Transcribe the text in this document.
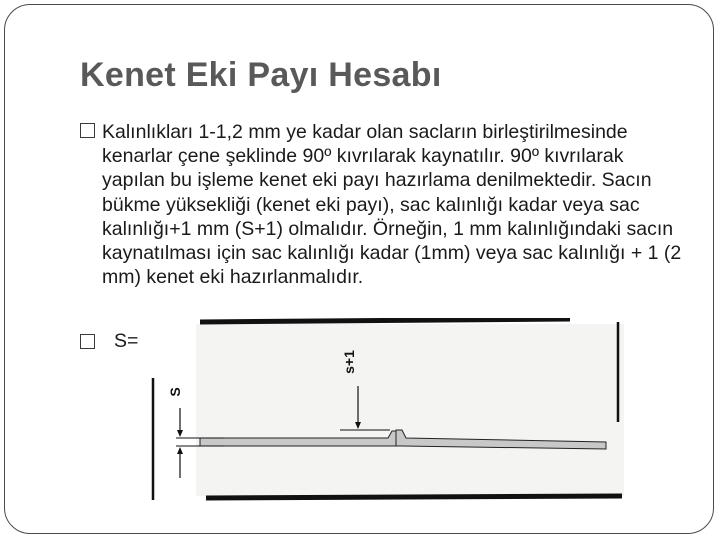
Kenet Eki Payı Hesabı

Kalınlıkları 1-1,2 mm ye kadar olan sacların birleştirilmesinde kenarlar çene şeklinde 90º kıvrılarak kaynatılır. 90º kıvrılarak yapılan bu işleme kenet eki payı hazırlama denilmektedir. Sacın bükme yüksekliği (kenet eki payı), sac kalınlığı kadar veya sac kalınlığı+1 mm (S+1) olmalıdır. Örneğin, 1 mm kalınlığındaki sacın kaynatılması için sac kalınlığı kadar (1mm) veya sac kalınlığı + 1 (2 mm) kenet eki hazırlanmalıdır.

S=
S
s+1
